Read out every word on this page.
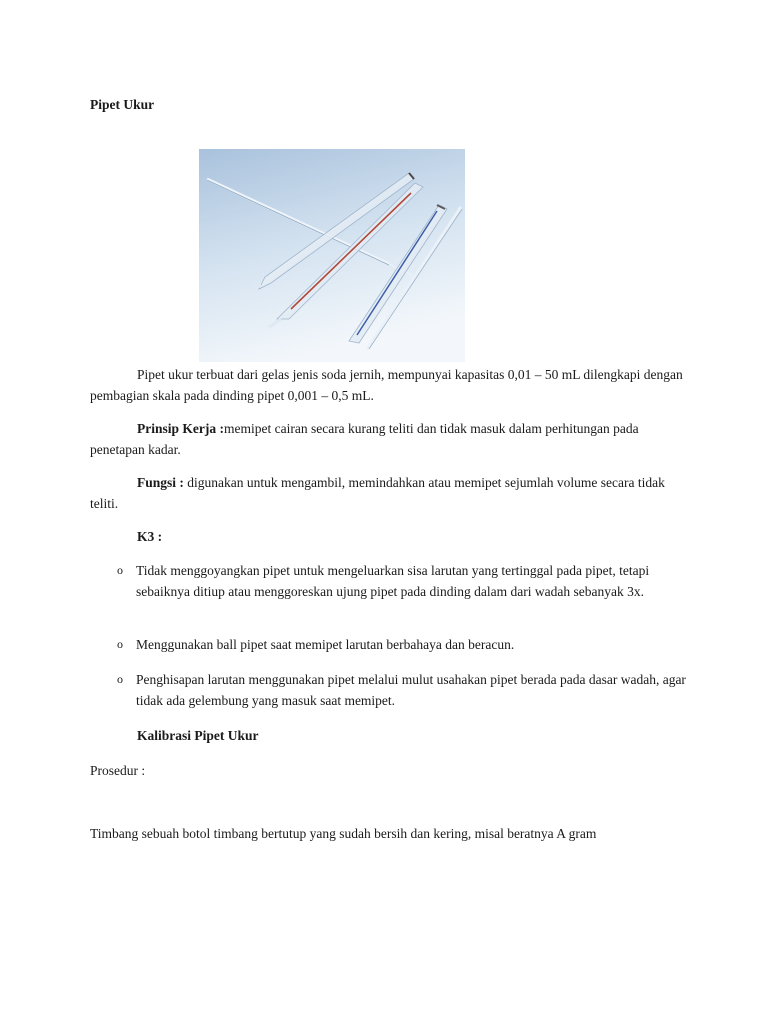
Pipet Ukur
Pipet ukur terbuat dari gelas jenis soda jernih, mempunyai kapasitas 0,01 – 50 mL dilengkapi dengan pembagian skala pada dinding pipet 0,001 – 0,5 mL.
Prinsip Kerja :memipet cairan secara kurang teliti dan tidak masuk dalam perhitungan pada penetapan kadar.
Fungsi : digunakan untuk mengambil, memindahkan atau memipet sejumlah volume secara tidak teliti.
K3 :
o Tidak menggoyangkan pipet untuk mengeluarkan sisa larutan yang tertinggal pada pipet, tetapi sebaiknya ditiup atau menggoreskan ujung pipet pada dinding dalam dari wadah sebanyak 3x.
o Menggunakan ball pipet saat memipet larutan berbahaya dan beracun.
o Penghisapan larutan menggunakan pipet melalui mulut usahakan pipet berada pada dasar wadah, agar tidak ada gelembung yang masuk saat memipet.
Kalibrasi Pipet Ukur
Prosedur :
Timbang sebuah botol timbang bertutup yang sudah bersih dan kering, misal beratnya A gram
